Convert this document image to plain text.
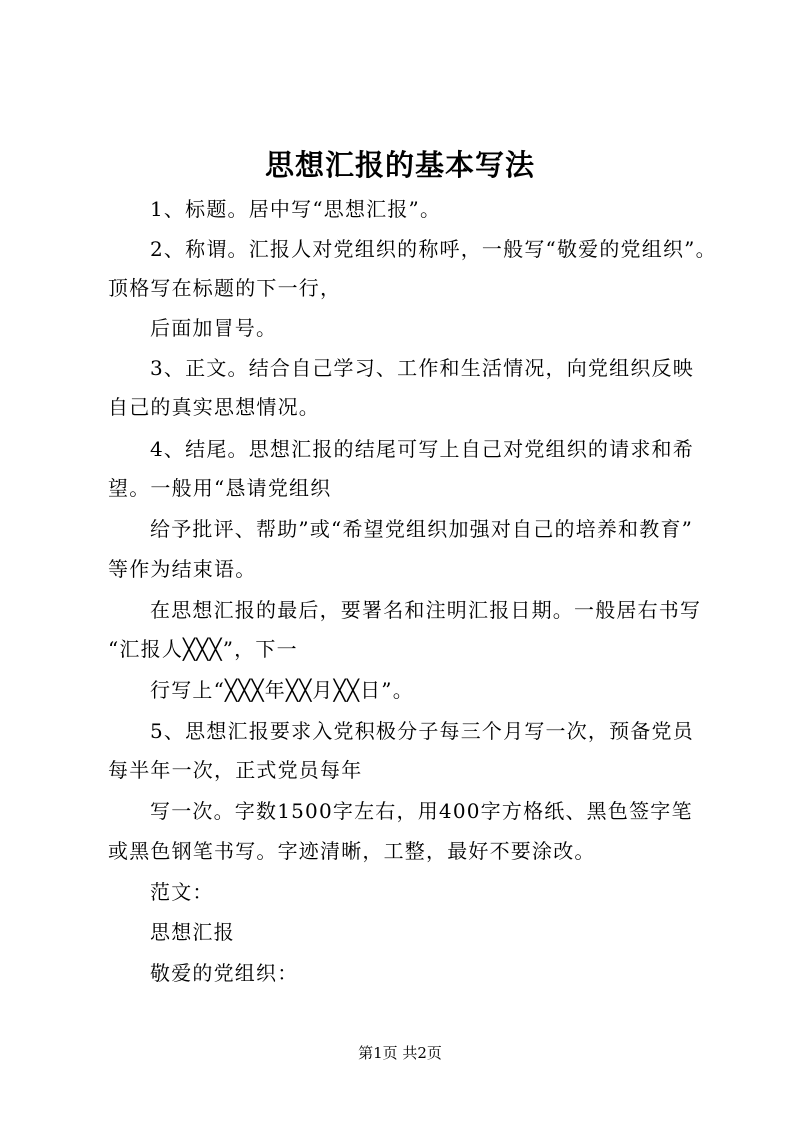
思想汇报的基本写法
1、标题。居中写“思想汇报”。
2、称谓。汇报人对党组织的称呼，一般写“敬爱的党组织”。
顶格写在标题的下一行，
后面加冒号。
3、正文。结合自己学习、工作和生活情况，向党组织反映
自己的真实思想情况。
4、结尾。思想汇报的结尾可写上自己对党组织的请求和希
望。一般用“恳请党组织
给予批评、帮助”或“希望党组织加强对自己的培养和教育”
等作为结束语。
在思想汇报的最后，要署名和注明汇报日期。一般居右书写
“汇报人╳╳╳”，下一
行写上“╳╳╳年╳╳月╳╳日”。
5、思想汇报要求入党积极分子每三个月写一次，预备党员
每半年一次，正式党员每年
写一次。字数1500字左右，用400字方格纸、黑色签字笔
或黑色钢笔书写。字迹清晰，工整，最好不要涂改。
范文：
思想汇报
敬爱的党组织：
第1页 共2页
